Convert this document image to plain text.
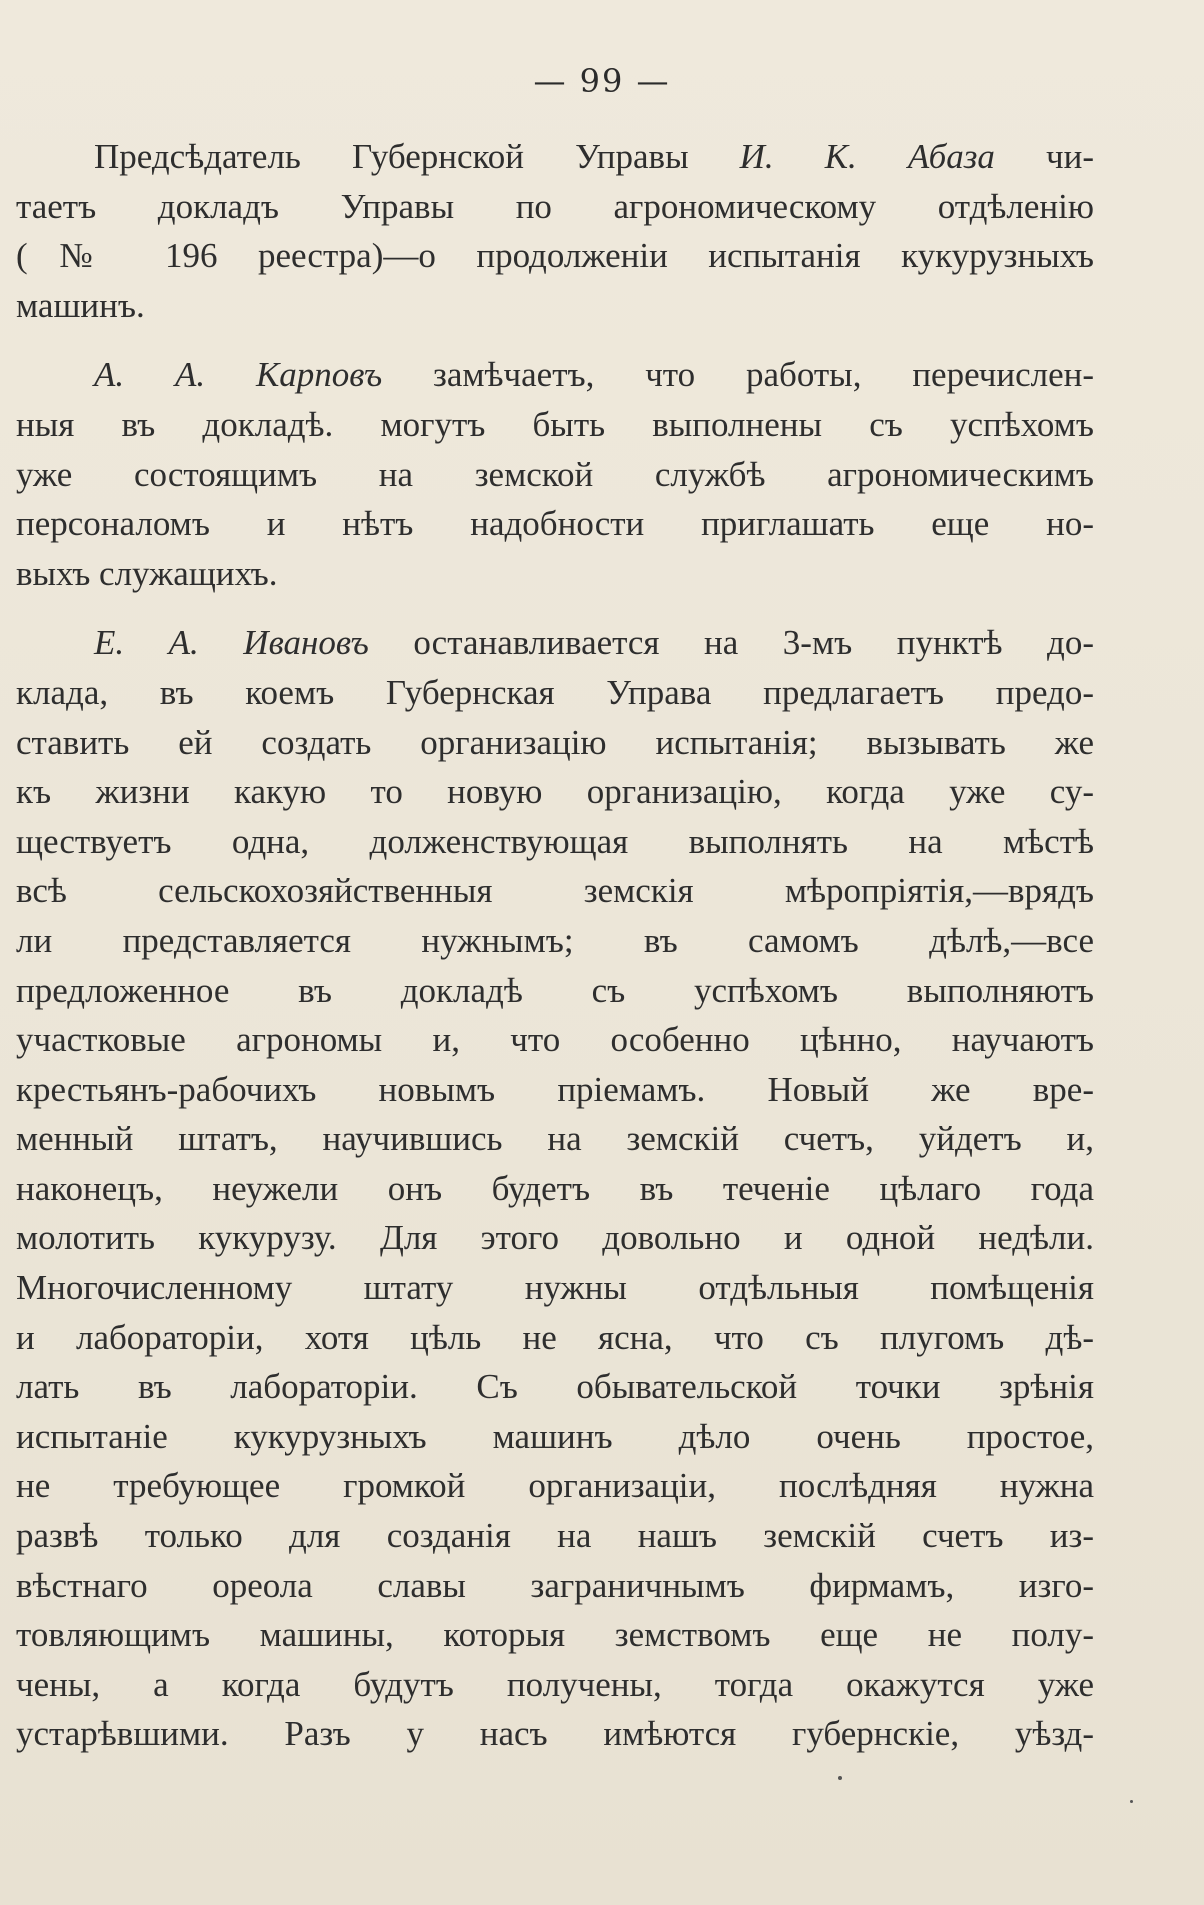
— 99 —
Предсѣдатель Губернской Управы И. К. Абаза чи-
таетъ докладъ Управы по агрономическому отдѣленію
(№ 196 реестра)—о продолженіи испытанія кукурузныхъ
машинъ.
А. А. Карповъ замѣчаетъ, что работы, перечислен-
ныя въ докладѣ. могутъ быть выполнены съ успѣхомъ
уже состоящимъ на земской службѣ агрономическимъ
персоналомъ и нѣтъ надобности приглашать еще но-
выхъ служащихъ.
Е. А. Ивановъ останавливается на 3-мъ пунктѣ до-
клада, въ коемъ Губернская Управа предлагаетъ предо-
ставить ей создать организацію испытанія; вызывать же
къ жизни какую то новую организацію, когда уже су-
ществуетъ одна, долженствующая выполнять на мѣстѣ
всѣ сельскохозяйственныя земскія мѣропріятія,—врядъ
ли представляется нужнымъ; въ самомъ дѣлѣ,—все
предложенное въ докладѣ съ успѣхомъ выполняютъ
участковые агрономы и, что особенно цѣнно, научаютъ
крестьянъ-рабочихъ новымъ пріемамъ. Новый же вре-
менный штатъ, научившись на земскій счетъ, уйдетъ и,
наконецъ, неужели онъ будетъ въ теченіе цѣлаго года
молотить кукурузу. Для этого довольно и одной недѣли.
Многочисленному штату нужны отдѣльныя помѣщенія
и лабораторіи, хотя цѣль не ясна, что съ плугомъ дѣ-
лать въ лабораторіи. Съ обывательской точки зрѣнія
испытаніе кукурузныхъ машинъ дѣло очень простое,
не требующее громкой организаціи, послѣдняя нужна
развѣ только для созданія на нашъ земскій счетъ из-
вѣстнаго ореола славы заграничнымъ фирмамъ, изго-
товляющимъ машины, которыя земствомъ еще не полу-
чены, а когда будутъ получены, тогда окажутся уже
устарѣвшими. Разъ у насъ имѣются губернскіе, уѣзд-
